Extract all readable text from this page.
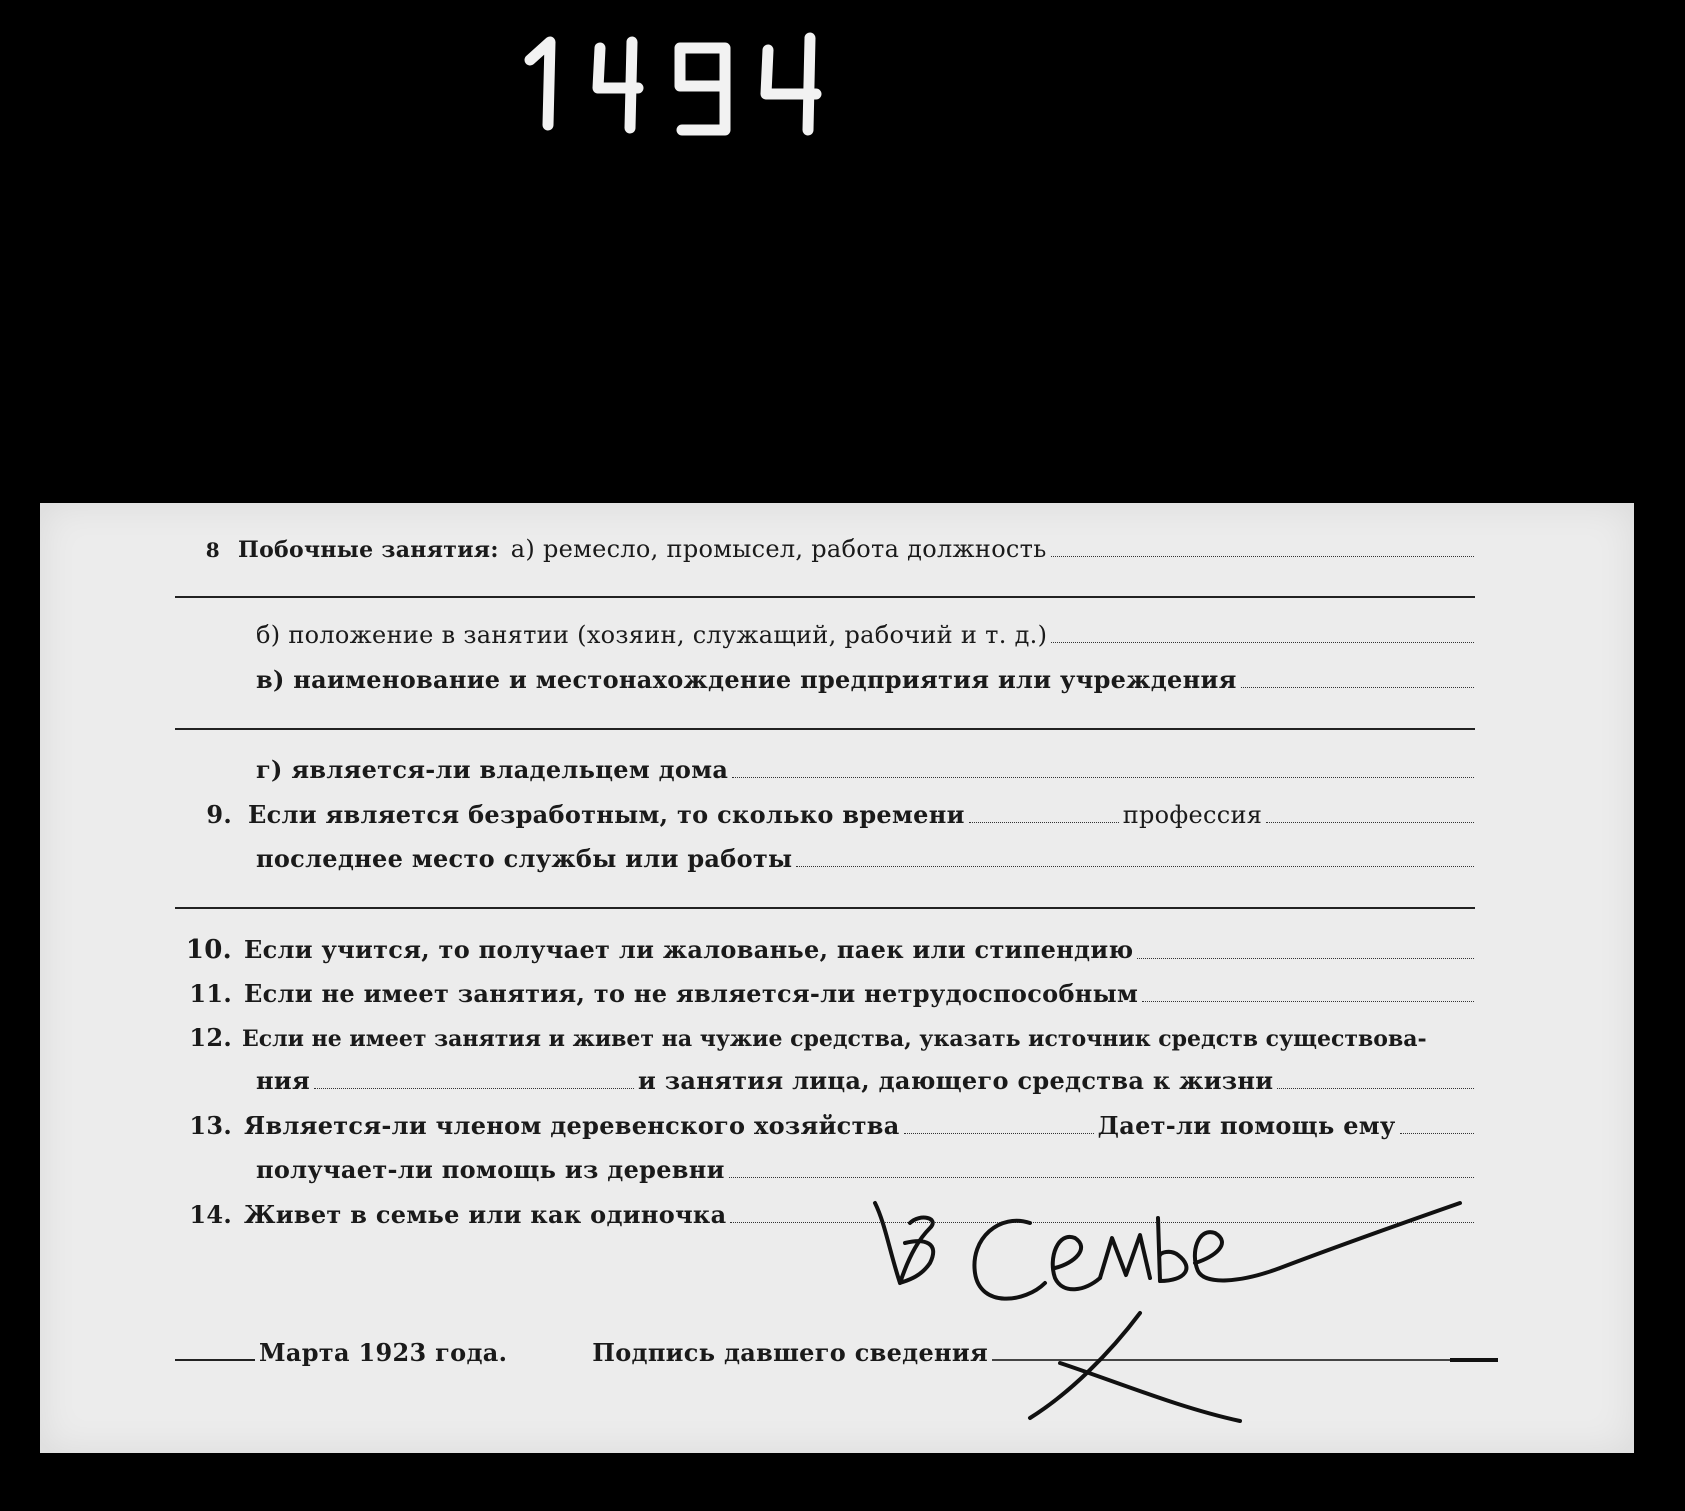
8 Побочные занятия: а) ремесло, промысел, работа должность
б) положение в занятии (хозяин, служащий, рабочий и т. д.)
в) наименование и местонахождение предприятия или учреждения
г) является-ли владельцем дома
9. Если является безработным, то сколько времени	профессия
последнее место службы или работы
10. Если учится, то получает ли жалованье, паек или стипендию
11. Если не имеет занятия, то не является-ли нетрудоспособным
12. Если не имеет занятия и живет на чужие средства, указать источник средств существова-
ния	и занятия лица, дающего средства к жизни
13. Является-ли членом деревенского хозяйства	Дает-ли помощь ему
получает-ли помощь из деревни
14. Живет в семье или как одиночка
Марта 1923 года.	Подпись давшего сведения
